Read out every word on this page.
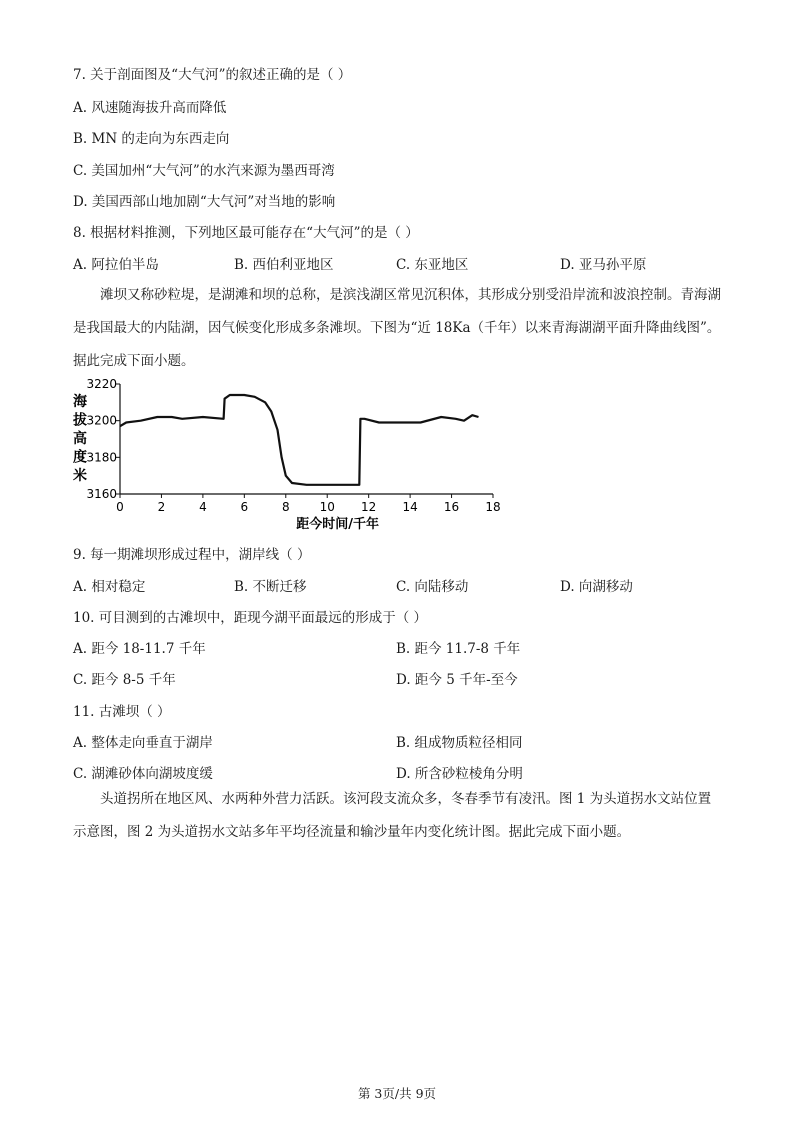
7. 关于剖面图及“大气河”的叙述正确的是（ ）
A. 风速随海拔升高而降低
B. MN 的走向为东西走向
C. 美国加州“大气河”的水汽来源为墨西哥湾
D. 美国西部山地加剧“大气河”对当地的影响
8. 根据材料推测，下列地区最可能存在“大气河”的是（ ）
A. 阿拉伯半岛	B. 西伯利亚地区	C. 东亚地区	D. 亚马孙平原
滩坝又称砂粒堤，是湖滩和坝的总称，是滨浅湖区常见沉积体，其形成分别受沿岸流和波浪控制。青海湖是我国最大的内陆湖，因气候变化形成多条滩坝。下图为“近 18Ka（千年）以来青海湖湖平面升降曲线图”。据此完成下面小题。
海
拔
高
度
米
3160
3180
3200
3220
0	2	4	6	8 10 12 14 16 18
距今时间/千年
9. 每一期滩坝形成过程中，湖岸线（ ）
A. 相对稳定	B. 不断迁移	C. 向陆移动	D. 向湖移动
10. 可目测到的古滩坝中，距现今湖平面最远的形成于（ ）
A. 距今 18-11.7 千年	B. 距今 11.7-8 千年
C. 距今 8-5 千年	D. 距今 5 千年-至今
11. 古滩坝（ ）
A. 整体走向垂直于湖岸	B. 组成物质粒径相同
C. 湖滩砂体向湖坡度缓	D. 所含砂粒棱角分明
头道拐所在地区风、水两种外营力活跃。该河段支流众多，冬春季节有凌汛。图 1 为头道拐水文站位置示意图，图 2 为头道拐水文站多年平均径流量和输沙量年内变化统计图。据此完成下面小题。
第 3页/共 9页
